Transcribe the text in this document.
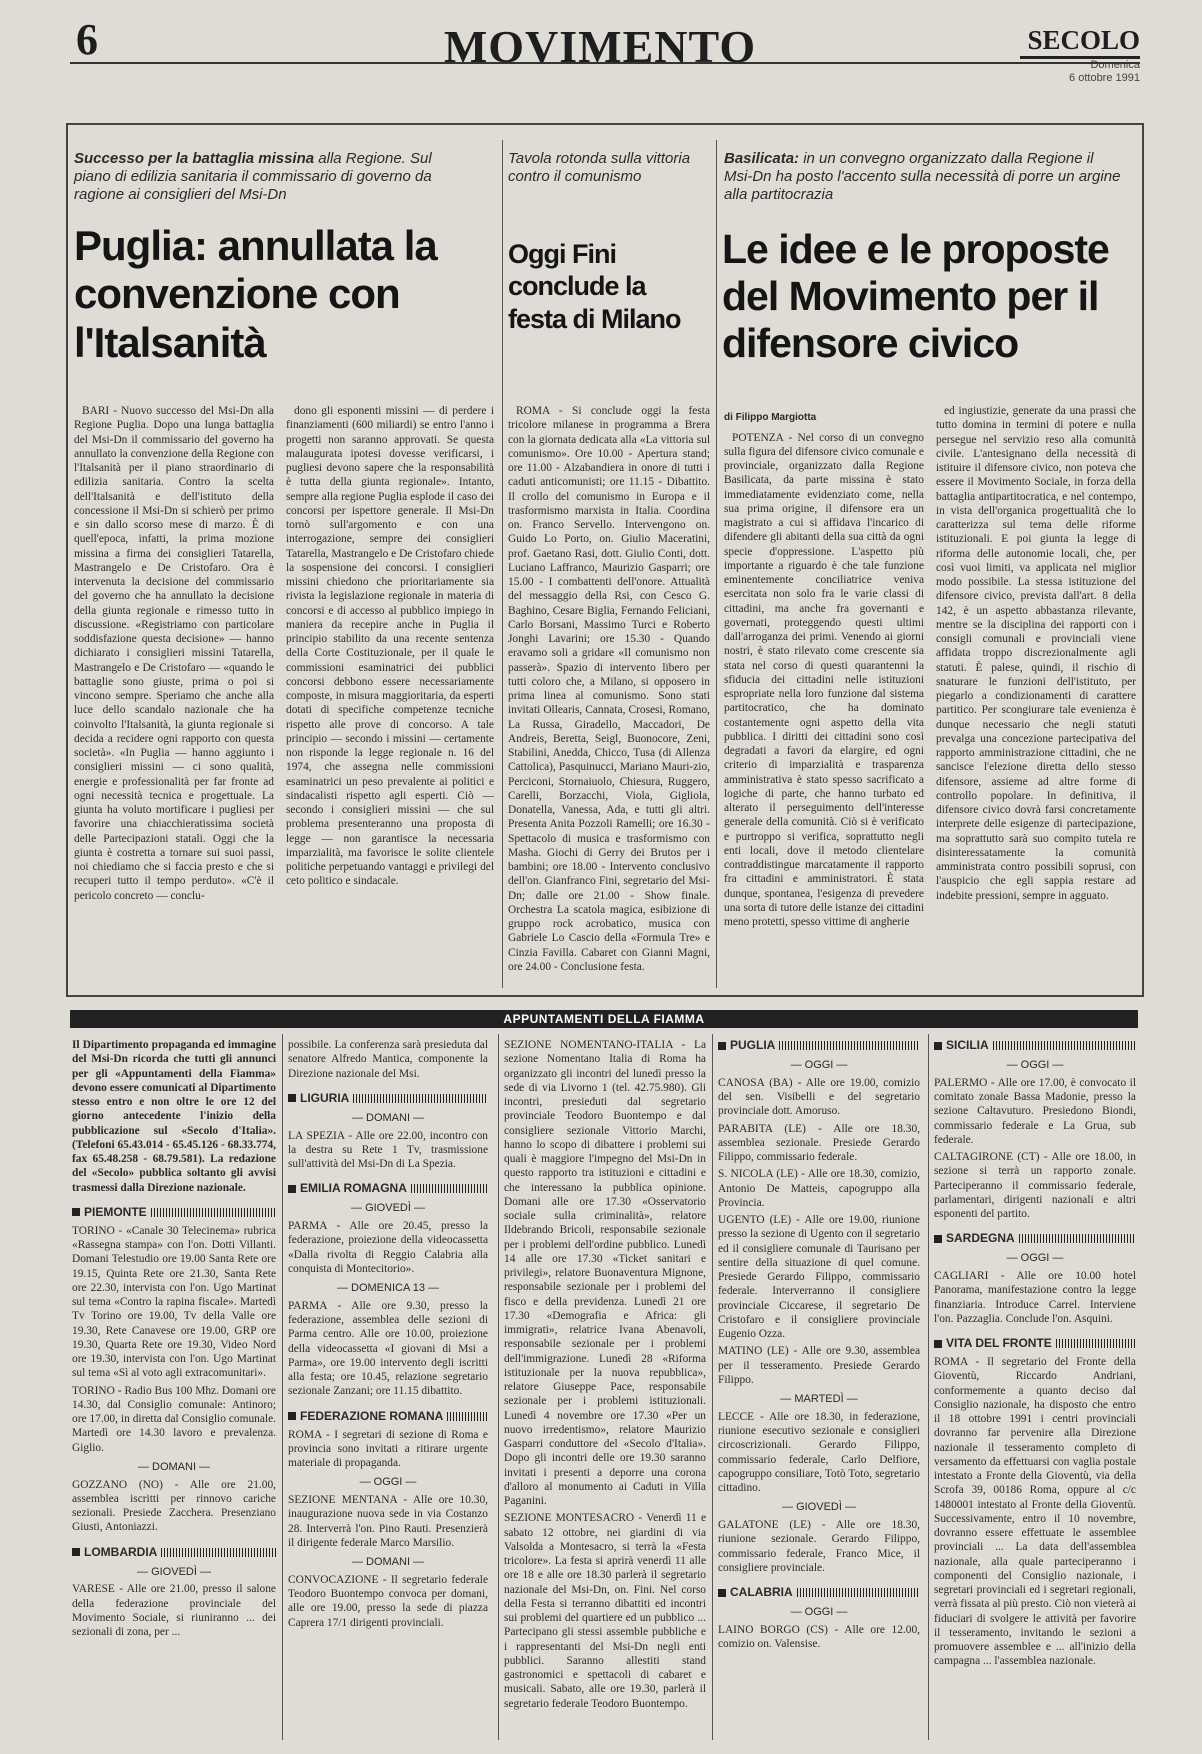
6	MOVIMENTO	SECOLO
Domenica
6 ottobre 1991
Successo per la battaglia missina alla Regione. Sul piano di edilizia sanitaria il commissario di governo da ragione ai consiglieri del Msi-Dn
Puglia: annullata la convenzione con l'Italsanità

BARI - Nuovo successo del Msi-Dn alla Regione Puglia. Dopo una lunga battaglia del Msi-Dn il commissario del governo ha annullato la convenzione della Regione con l'Italsanità per il piano straordinario di edilizia sanitaria. Contro la scelta dell'Italsanità e dell'istituto della concessione il Msi-Dn si schierò per primo e sin dallo scorso mese di marzo. È di quell'epoca, infatti, la prima mozione missina a firma dei consiglieri Tatarella, Mastrangelo e De Cristofaro. Ora è intervenuta la decisione del commissario del governo che ha annullato la decisione della giunta regionale e rimesso tutto in discussione. «Registriamo con particolare soddisfazione questa decisione» — hanno dichiarato i consiglieri missini Tatarella, Mastrangelo e De Cristofaro — «quando le battaglie sono giuste, prima o poi si vincono sempre. Speriamo che anche alla luce dello scandalo nazionale che ha coinvolto l'Italsanità, la giunta regionale si decida a recidere ogni rapporto con questa società». «In Puglia — hanno aggiunto i consiglieri missini — ci sono qualità, energie e professionalità per far fronte ad ogni necessità tecnica e progettuale. La giunta ha voluto mortificare i pugliesi per favorire una chiacchieratissima società delle Partecipazioni statali. Oggi che la giunta è costretta a tornare sui suoi passi, noi chiediamo che si faccia presto e che si recuperi tutto il tempo perduto». «C'è il pericolo concreto — conclu-

dono gli esponenti missini — di perdere i finanziamenti (600 miliardi) se entro l'anno i progetti non saranno approvati. Se questa malaugurata ipotesi dovesse verificarsi, i pugliesi devono sapere che la responsabilità è tutta della giunta regionale». Intanto, sempre alla regione Puglia esplode il caso dei concorsi per ispettore generale. Il Msi-Dn tornò sull'argomento e con una interrogazione, sempre dei consiglieri Tatarella, Mastrangelo e De Cristofaro chiede la sospensione dei concorsi. I consiglieri missini chiedono che prioritariamente sia rivista la legislazione regionale in materia di concorsi e di accesso al pubblico impiego in maniera da recepire anche in Puglia il principio stabilito da una recente sentenza della Corte Costituzionale, per il quale le commissioni esaminatrici dei pubblici concorsi debbono essere necessariamente composte, in misura maggioritaria, da esperti dotati di specifiche competenze tecniche rispetto alle prove di concorso. A tale principio — secondo i missini — certamente non risponde la legge regionale n. 16 del 1974, che assegna nelle commissioni esaminatrici un peso prevalente ai politici e sindacalisti rispetto agli esperti. Ciò — secondo i consiglieri missini — che sul problema presenteranno una proposta di legge — non garantisce la necessaria imparzialità, ma favorisce le solite clientele politiche perpetuando vantaggi e privilegi del ceto politico e sindacale.

Tavola rotonda sulla vittoria contro il comunismo
Oggi Fini conclude la festa di Milano

ROMA - Si conclude oggi la festa tricolore milanese in programma a Brera con la giornata dedicata alla «La vittoria sul comunismo». Ore 10.00 - Apertura stand; ore 11.00 - Alzabandiera in onore di tutti i caduti anticomunisti; ore 11.15 - Dibattito. Il crollo del comunismo in Europa e il trasformismo marxista in Italia. Coordina on. Franco Servello. Intervengono on. Guido Lo Porto, on. Giulio Maceratini, prof. Gaetano Rasi, dott. Giulio Conti, dott. Luciano Laffranco, Maurizio Gasparri; ore 15.00 - I combattenti dell'onore. Attualità del messaggio della Rsi, con Cesco G. Baghino, Cesare Biglia, Fernando Feliciani, Carlo Borsani, Massimo Turci e Roberto Jonghi Lavarini; ore 15.30 - Quando eravamo soli a gridare «Il comunismo non passerà». Spazio di intervento libero per tutti coloro che, a Milano, si opposero in prima linea al comunismo. Sono stati invitati Ollearis, Cannata, Crosesi, Romano, La Russa, Giradello, Maccadori, De Andreis, Beretta, Seigl, Buonocore, Zeni, Stabilini, Anedda, Chicco, Tusa (di Allenza Cattolica), Pasquinucci, Mariano Mauri-zio, Perciconi, Stornaiuolo, Chiesura, Ruggero, Carelli, Borzacchi, Viola, Gigliola, Donatella, Vanessa, Ada, e tutti gli altri. Presenta Anita Pozzoli Ramelli; ore 16.30 - Spettacolo di musica e trasformismo con Masha. Giochi di Gerry dei Brutos per i bambini; ore 18.00 - Intervento conclusivo dell'on. Gianfranco Fini, segretario del Msi-Dn; dalle ore 21.00 - Show finale. Orchestra La scatola magica, esibizione di gruppo rock acrobatico, musica con Gabriele Lo Cascio della «Formula Tre» e Cinzia Favilla. Cabaret con Gianni Magni, ore 24.00 - Conclusione festa.

Basilicata: in un convegno organizzato dalla Regione il Msi-Dn ha posto l'accento sulla necessità di porre un argine alla partitocrazia
Le idee e le proposte del Movimento per il difensore civico
di Filippo Margiotta

POTENZA - Nel corso di un convegno sulla figura del difensore civico comunale e provinciale, organizzato dalla Regione Basilicata, da parte missina è stato immediatamente evidenziato come, nella sua prima origine, il difensore era un magistrato a cui si affidava l'incarico di difendere gli abitanti della sua città da ogni specie d'oppressione. L'aspetto più importante a riguardo è che tale funzione eminentemente conciliatrice veniva esercitata non solo fra le varie classi di cittadini, ma anche fra governanti e governati, proteggendo questi ultimi dall'arroganza dei primi. Venendo ai giorni nostri, è stato rilevato come crescente sia stata nel corso di questi quarantenni la sfiducia dei cittadini nelle istituzioni espropriate nella loro funzione dal sistema partitocratico, che ha dominato costantemente ogni aspetto della vita pubblica. I diritti dei cittadini sono così degradati a favori da elargire, ed ogni criterio di imparzialità e trasparenza amministrativa è stato spesso sacrificato a logiche di parte, che hanno turbato ed alterato il perseguimento dell'interesse generale della comunità. Ciò si è verificato e purtroppo si verifica, soprattutto negli enti locali, dove il metodo clientelare contraddistingue marcatamente il rapporto fra cittadini e amministratori. È stata dunque, spontanea, l'esigenza di prevedere una sorta di tutore delle istanze dei cittadini meno protetti, spesso vittime di angherie

ed ingiustizie, generate da una prassi che tutto domina in termini di potere e nulla persegue nel servizio reso alla comunità civile. L'antesignano della necessità di istituire il difensore civico, non poteva che essere il Movimento Sociale, in forza della battaglia antipartitocratica, e nel contempo, in vista dell'organica progettualità che lo caratterizza sul tema delle riforme istituzionali. E poi giunta la legge di riforma delle autonomie locali, che, per così vuoi limiti, va applicata nel miglior modo possibile. La stessa istituzione del difensore civico, prevista dall'art. 8 della 142, è un aspetto abbastanza rilevante, mentre se la disciplina dei rapporti con i consigli comunali e provinciali viene affidata troppo discrezionalmente agli statuti. È palese, quindi, il rischio di snaturare le funzioni dell'istituto, per piegarlo a condizionamenti di carattere partitico. Per scongiurare tale evenienza è dunque necessario che negli statuti prevalga una concezione partecipativa del rapporto amministrazione cittadini, che ne sancisce l'elezione diretta dello stesso difensore, assieme ad altre forme di controllo popolare. In definitiva, il difensore civico dovrà farsi concretamente interprete delle esigenze di partecipazione, ma soprattutto sarà suo compito tutela re disinteressatamente la comunità amministrata contro possibili soprusi, con l'auspicio che egli sappia restare ad indebite pressioni, sempre in agguato.

APPUNTAMENTI DELLA FIAMMA

Il Dipartimento propaganda ed immagine del Msi-Dn ricorda che tutti gli annunci per gli «Appuntamenti della Fiamma» devono essere comunicati al Dipartimento stesso entro e non oltre le ore 12 del giorno antecedente l'inizio della pubblicazione sul «Secolo d'Italia». (Telefoni 65.43.014 - 65.45.126 - 68.33.774, fax 65.48.258 - 68.79.581). La redazione del «Secolo» pubblica soltanto gli avvisi trasmessi dalla Direzione nazionale.

PIEMONTE

TORINO - «Canale 30 Telecinema» rubrica «Rassegna stampa» con l'on. Dotti Villanti. Domani Telestudio ore 19.00 Santa Rete ore 19.15, Quinta Rete ore 21.30, Santa Rete ore 22.30, intervista con l'on. Ugo Martinat sul tema «Contro la rapina fiscale». Martedì Tv Torino ore 19.00, Tv della Valle ore 19.30, Rete Canavese ore 19.00, GRP ore 19.30, Quarta Rete ore 19.30, Video Nord ore 19.30, intervista con l'on. Ugo Martinat sul tema «Sì al voto agli extracomunitari».

TORINO - Radio Bus 100 Mhz. Domani ore 14.30, dal Consiglio comunale: Antinoro; ore 17.00, in diretta dal Consiglio comunale. Martedì ore 14.30 lavoro e prevalenza. Giglio.

— DOMANI —

GOZZANO (NO) - Alle ore 21.00, assemblea iscritti per rinnovo cariche sezionali. Presiede Zacchera. Presenziano Giusti, Antoniazzi.

LOMBARDIA
— GIOVEDÌ —

VARESE - Alle ore 21.00, presso il salone della federazione provinciale del Movimento Sociale, si riuniranno ... dei sezionali di zona, per ...

possibile. La conferenza sarà presieduta dal senatore Alfredo Mantica, componente la Direzione nazionale del Msi.

LIGURIA
— DOMANI —

LA SPEZIA - Alle ore 22.00, incontro con la destra su Rete 1 Tv, trasmissione sull'attività del Msi-Dn di La Spezia.

EMILIA ROMAGNA
— GIOVEDÌ —

PARMA - Alle ore 20.45, presso la federazione, proiezione della videocassetta «Dalla rivolta di Reggio Calabria alla conquista di Montecitorio».

— DOMENICA 13 —

PARMA - Alle ore 9.30, presso la federazione, assemblea delle sezioni di Parma centro. Alle ore 10.00, proiezione della videocassetta «I giovani di Msi a Parma», ore 19.00 intervento degli iscritti alla festa; ore 10.45, relazione segretario sezionale Zanzani; ore 11.15 dibattito.

FEDERAZIONE ROMANA

ROMA - I segretari di sezione di Roma e provincia sono invitati a ritirare urgente materiale di propaganda.

— OGGI —

SEZIONE MENTANA - Alle ore 10.30, inaugurazione nuova sede in via Costanzo 28. Interverrà l'on. Pino Rauti. Presenzierà il dirigente federale Marco Marsilio.

— DOMANI —

CONVOCAZIONE - Il segretario federale Teodoro Buontempo convoca per domani, alle ore 19.00, presso la sede di piazza Caprera 17/1 dirigenti provinciali.

SEZIONE NOMENTANO-ITALIA - La sezione Nomentano Italia di Roma ha organizzato gli incontri del lunedì presso la sede di via Livorno 1 (tel. 42.75.980). Gli incontri, presieduti dal segretario provinciale Teodoro Buontempo e dal consigliere sezionale Vittorio Marchi, hanno lo scopo di dibattere i problemi sui quali è maggiore l'impegno del Msi-Dn in questo rapporto tra istituzioni e cittadini e che interessano la pubblica opinione. Domani alle ore 17.30 «Osservatorio sociale sulla criminalità», relatore Ildebrando Bricoli, responsabile sezionale per i problemi dell'ordine pubblico. Lunedì 14 alle ore 17.30 «Ticket sanitari e privilegi», relatore Buonaventura Mignone, responsabile sezionale per i problemi del fisco e della previdenza. Lunedì 21 ore 17.30 «Demografia e Africa: gli immigrati», relatrice Ivana Abenavoli, responsabile sezionale per i problemi dell'immigrazione. Lunedì 28 «Riforma istituzionale per la nuova repubblica», relatore Giuseppe Pace, responsabile sezionale per i problemi istituzionali. Lunedì 4 novembre ore 17.30 «Per un nuovo irredentismo», relatore Maurizio Gasparri conduttore del «Secolo d'Italia». Dopo gli incontri delle ore 19.30 saranno invitati i presenti a deporre una corona d'alloro al monumento ai Caduti in Villa Paganini.

SEZIONE MONTESACRO - Venerdì 11 e sabato 12 ottobre, nei giardini di via Valsolda a Montesacro, si terrà la «Festa tricolore». La festa si aprirà venerdì 11 alle ore 18 e alle ore 18.30 parlerà il segretario nazionale del Msi-Dn, on. Fini. Nel corso della Festa si terranno dibattiti ed incontri sui problemi del quartiere ed un pubblico ... Partecipano gli stessi assemble pubbliche e i rappresentanti del Msi-Dn negli enti pubblici. Saranno allestiti stand gastronomici e spettacoli di cabaret e musicali. Sabato, alle ore 19.30, parlerà il segretario federale Teodoro Buontempo.

PUGLIA
— OGGI —

CANOSA (BA) - Alle ore 19.00, comizio del sen. Visibelli e del segretario provinciale dott. Amoruso.

PARABITA (LE) - Alle ore 18.30, assemblea sezionale. Presiede Gerardo Filippo, commissario federale.

S. NICOLA (LE) - Alle ore 18.30, comizio, Antonio De Matteis, capogruppo alla Provincia.

UGENTO (LE) - Alle ore 19.00, riunione presso la sezione di Ugento con il segretario ed il consigliere comunale di Taurisano per sentire della situazione di quel comune. Presiede Gerardo Filippo, commissario federale. Interverranno il consigliere provinciale Ciccarese, il segretario De Cristofaro e il consigliere provinciale Eugenio Ozza.

MATINO (LE) - Alle ore 9.30, assemblea per il tesseramento. Presiede Gerardo Filippo.

— MARTEDÌ —

LECCE - Alle ore 18.30, in federazione, riunione esecutivo sezionale e consiglieri circoscrizionali. Gerardo Filippo, commissario federale, Carlo Delfiore, capogruppo consiliare, Totò Toto, segretario cittadino.

— GIOVEDÌ —

GALATONE (LE) - Alle ore 18.30, riunione sezionale. Gerardo Filippo, commissario federale, Franco Mice, il consigliere provinciale.

CALABRIA
— OGGI —

LAINO BORGO (CS) - Alle ore 12.00, comizio on. Valensise.

SICILIA
— OGGI —

PALERMO - Alle ore 17.00, è convocato il comitato zonale Bassa Madonie, presso la sezione Caltavuturo. Presiedono Biondi, commissario federale e La Grua, sub federale.

CALTAGIRONE (CT) - Alle ore 18.00, in sezione si terrà un rapporto zonale. Parteciperanno il commissario federale, parlamentari, dirigenti nazionali e altri esponenti del partito.

SARDEGNA
— OGGI —

CAGLIARI - Alle ore 10.00 hotel Panorama, manifestazione contro la legge finanziaria. Introduce Carrel. Interviene l'on. Pazzaglia. Conclude l'on. Asquini.

VITA DEL FRONTE

ROMA - Il segretario del Fronte della Gioventù, Riccardo Andriani, conformemente a quanto deciso dal Consiglio nazionale, ha disposto che entro il 18 ottobre 1991 i centri provinciali dovranno far pervenire alla Direzione nazionale il tesseramento completo di versamento da effettuarsi con vaglia postale intestato a Fronte della Gioventù, via della Scrofa 39, 00186 Roma, oppure al c/c 1480001 intestato al Fronte della Gioventù. Successivamente, entro il 10 novembre, dovranno essere effettuate le assemblee provinciali ... La data dell'assemblea nazionale, alla quale parteciperanno i componenti del Consiglio nazionale, i segretari provinciali ed i segretari regionali, verrà fissata al più presto. Ciò non vieterà ai fiduciari di svolgere le attività per favorire il tesseramento, invitando le sezioni a promuovere assemblee e ... all'inizio della campagna ... l'assemblea nazionale.
